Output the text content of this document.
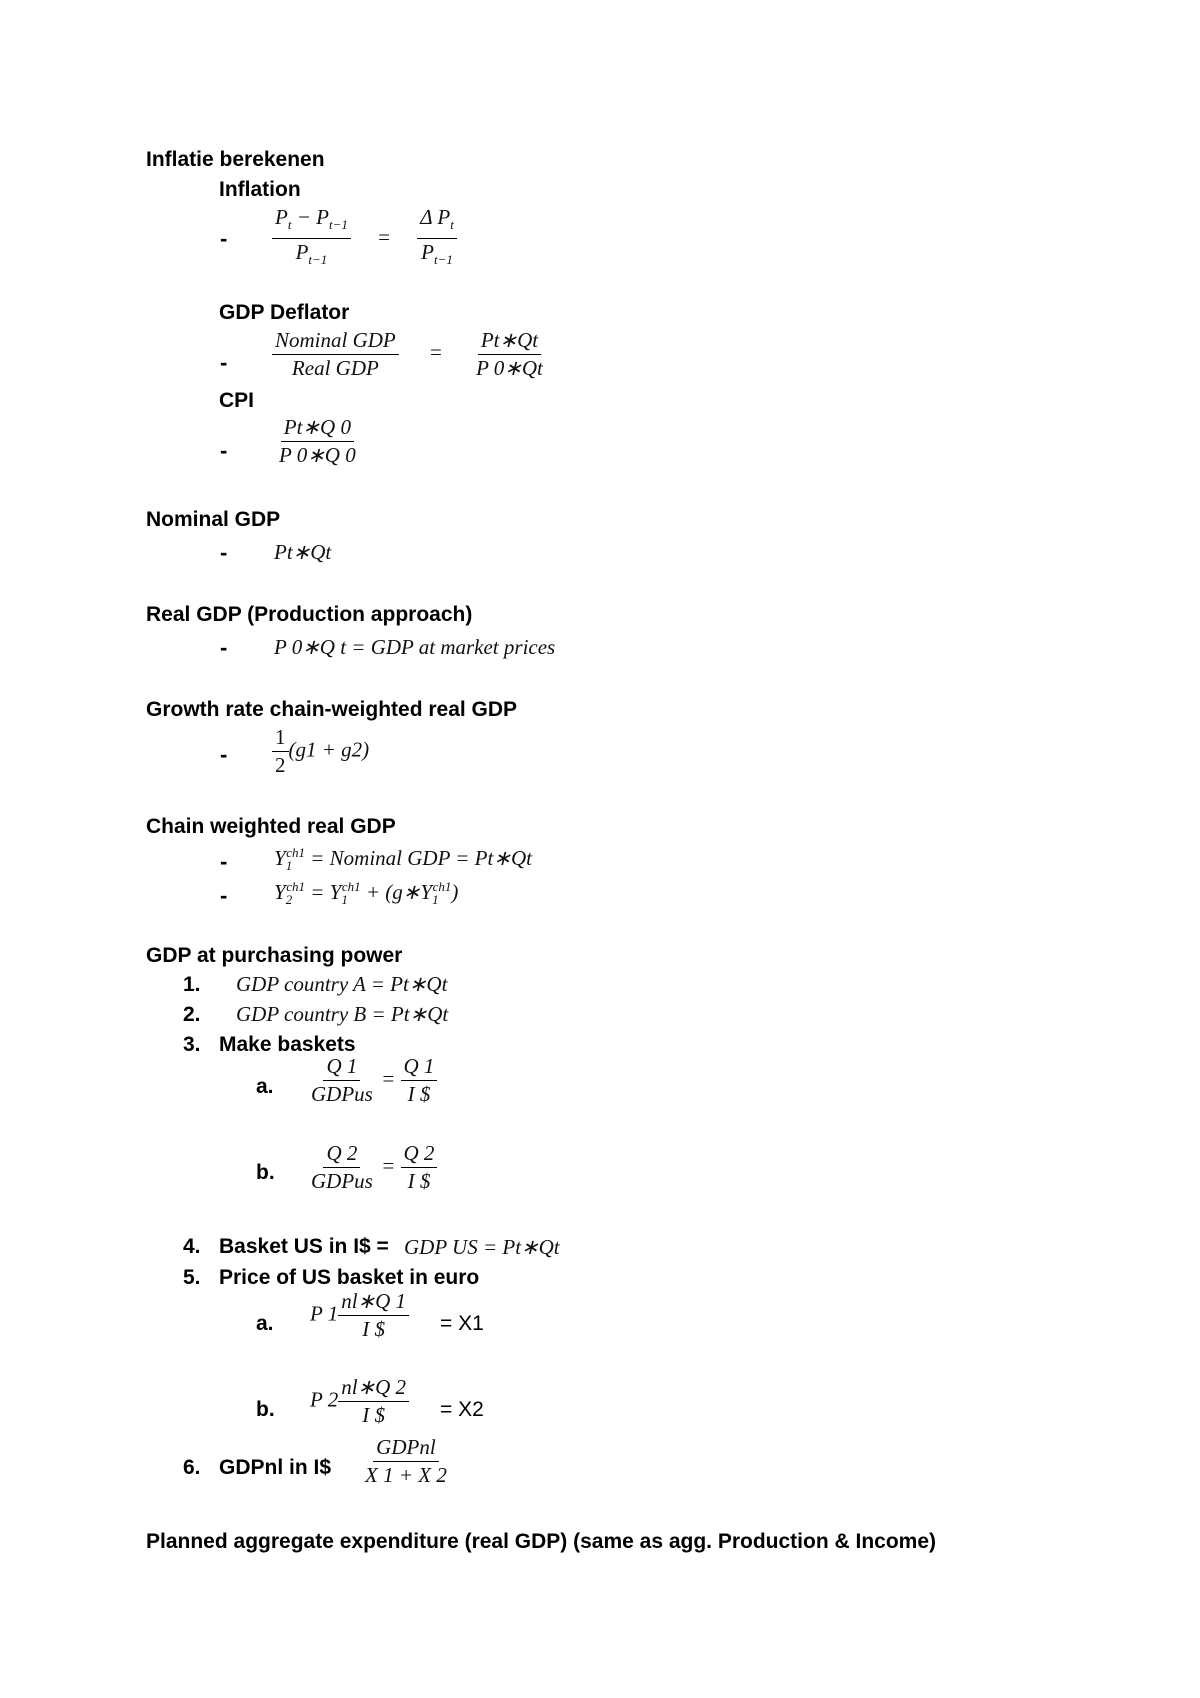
Inflatie berekenen
Inflation
- $\frac{P_t - P_{t-1}}{P_{t-1}} = \frac{\Delta P_t}{P_{t-1}}$
GDP Deflator
- $\frac{\text{Nominal GDP}}{\text{Real GDP}} = \frac{Pt∗Qt}{P 0∗Qt}$
CPI
- $\frac{Pt∗Q 0}{P 0∗Q 0}$
Nominal GDP
- Pt∗Qt
Real GDP (Production approach)
- P 0∗Q t = GDP at market prices
Growth rate chain-weighted real GDP
- $\frac{1}{2} (g1 + g2)$
Chain weighted real GDP
- $Y_1^{ch1}$ = Nominal GDP = Pt∗Qt
- $Y_2^{ch1} = Y_1^{ch1}$ + $(g∗Y_1^{ch1})$
GDP at purchasing power
1. GDP country A = Pt∗Qt
2. GDP country B = Pt∗Qt
3. Make baskets
a. $\frac{Q 1}{\text{GDPus}} = \frac{Q 1}{I \$}$
b. $\frac{Q 2}{\text{GDPus}} = \frac{Q 2}{I \$}$
4. Basket US in I$ = GDP US = Pt∗Qt
5. Price of US basket in euro
a. P $1 \frac{nl∗Q 1}{I \$} = X1$
b. P $2 \frac{nl∗Q 2}{I \$} = X2$
6. GDPnl in I$ $\frac{\text{GDPnl}}{X 1 + X 2}$
Planned aggregate expenditure (real GDP) (same as agg. Production & Income)
